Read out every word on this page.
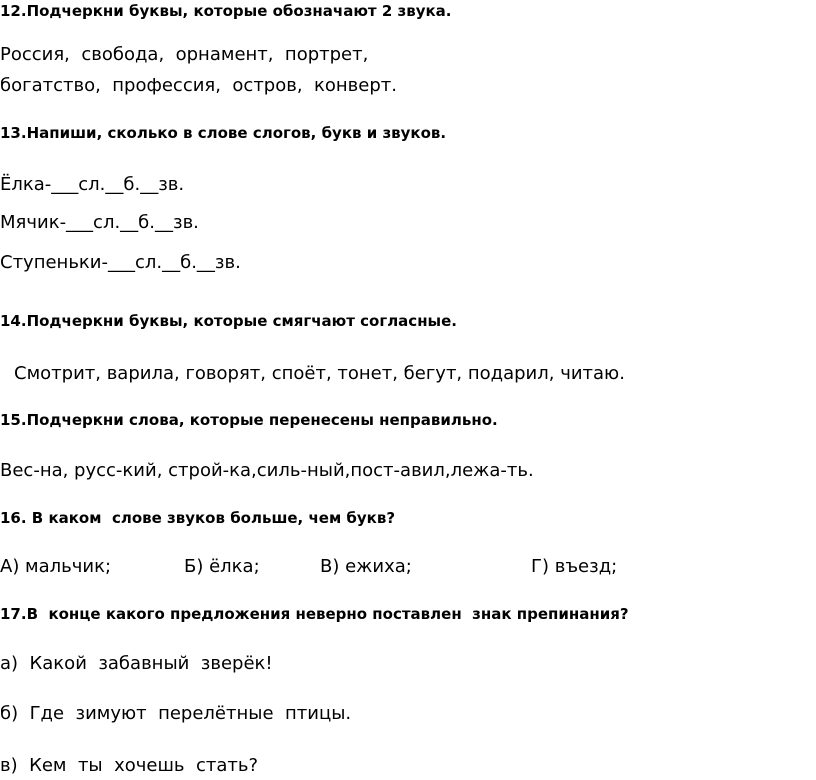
12.Подчеркни буквы, которые обозначают 2 звука.
Россия,  свобода,  орнамент,  портрет,
богатство,  профессия,  остров,  конверт.
13.Напиши, сколько в слове слогов, букв и звуков.
Ёлка-___сл.__б.__зв.
Мячик-___сл.__б.__зв.
Ступеньки-___сл.__б.__зв.
14.Подчеркни буквы, которые смягчают согласные.
Смотрит, варила, говорят, споёт, тонет, бегут, подарил, читаю.
15.Подчеркни слова, которые перенесены неправильно.
Вес-на, русс-кий, строй-ка,силь-ный,пост-авил,лежа-ть.
16. В каком  слове звуков больше, чем букв?
А) мальчик;	Б) ёлка;	В) ежиха;	Г) въезд;
17.В  конце какого предложения неверно поставлен  знак препинания?
а)  Какой  забавный  зверёк!
б)  Где  зимуют  перелётные  птицы.
в)  Кем  ты  хочешь  стать?
